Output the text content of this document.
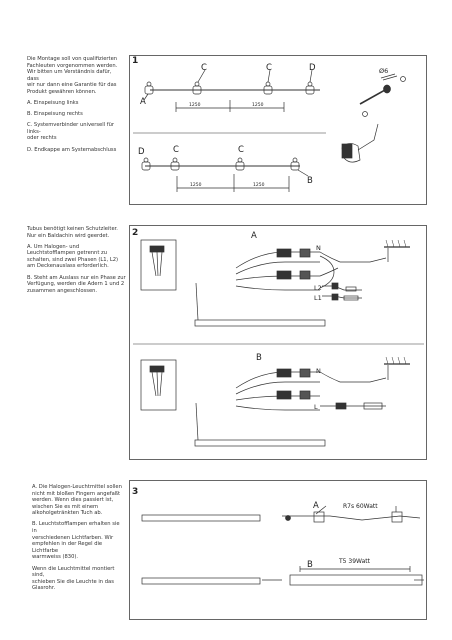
Die Montage soll von qualifizierten
Fachleuten vorgenommen werden.
Wir bitten um Verständnis dafür, dass
wir nur dann eine Garantie für das
Produkt gewähren können.

A. Einspeisung links

B. Einspeisung rechts

C. Systemverbinder universell für links-
oder rechts

D. Endkappe am Systemabschluss

Tubus benötigt keinen Schutzleiter.
Nur ein Baldachin wird geerdet.

A. Um Halogen- und
Leuchtstofflampen getrennt zu
schalten, sind zwei Phasen (L1, L2)
am Deckenauslass erforderlich.

B. Steht am Auslass nur ein Phase zur
Verfügung, werden die Adern 1 und 2
zusammen angeschlossen.

A. Die Halogen-Leuchtmittel sollen
nicht mit bloßen Fingern angefaßt
werden. Wenn dies passiert ist,
wischen Sie es mit einem
alkoholgetränkten Tuch ab.

B. Leuchtstofflampen erhalten sie in
verschiedenen Lichtfarben. Wir
empfehlen in der Regel die Lichtfarbe
warmweiss (830).

Wenn die Leuchtmittel montiert sind,
schieben Sie die Leuchte in das
Glasrohr.

1
2
3
A
C	C	D
D	C	C
B
A
B
A
B
Ø6
N
L2
L1
N
L
1250	1250
1250	1250
R7s 60Watt
T5 39Watt
